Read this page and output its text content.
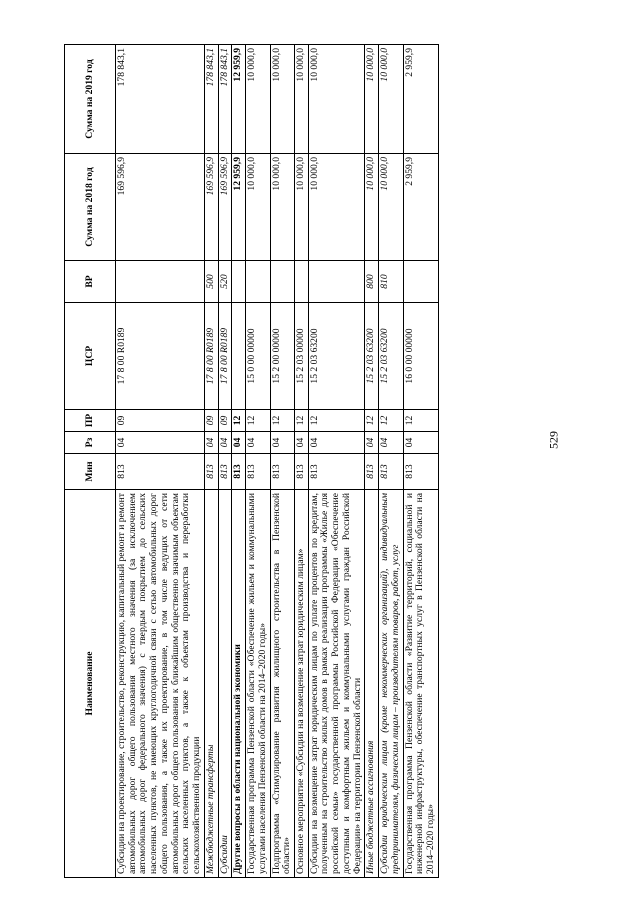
529
Наименование	Мин	Рз	ПР	ЦСР	ВР	Сумма на 2018 год	Сумма на 2019 год
Субсидии на проектирование, строительство, реконструкцию, капитальный ремонт и ремонт автомобильных дорог общего пользования местного значения (за исключением автомобильных дорог федерального значения) с твердым покрытием до сельских населенных пунктов, не имеющих круглогодичной связи с сетью автомобильных дорог общего пользования, а также их проектирование, в том числе ведущих от сети автомобильных дорог общего пользования к ближайшим общественно значимым объектам сельских населенных пунктов, а также к объектам производства и переработки сельскохозяйственной продукции	813	04	09	17 8 00 R0189		169 596,9	178 843,1
Межбюджетные трансферты	813	04	09	17 8 00 R0189	500	169 596,9	178 843,1
Субсидии	813	04	09	17 8 00 R0189	520	169 596,9	178 843,1
Другие вопросы в области национальной экономики	813	04	12			12 959,9	12 959,9
Государственная программа Пензенской области «Обеспечение жильем и коммунальными услугами населения Пензенской области на 2014–2020 годы»	813	04	12	15 0 00 00000		10 000,0	10 000,0
Подпрограмма «Стимулирование развития жилищного строительства в Пензенской области»	813	04	12	15 2 00 00000		10 000,0	10 000,0
Основное мероприятие «Субсидии на возмещение затрат юридическим лицам»	813	04	12	15 2 03 00000		10 000,0	10 000,0
Субсидии на возмещение затрат юридическим лицам по уплате процентов по кредитам, полученным на строительство жилых домов в рамках реализации программы «Жилье для российской семьи» государственной программы Российской Федерации «Обеспечение доступным и комфортным жильем и коммунальными услугами граждан Российской Федерации» на территории Пензенской области	813	04	12	15 2 03 63200		10 000,0	10 000,0
Иные бюджетные ассигнования	813	04	12	15 2 03 63200	800	10 000,0	10 000,0
Субсидии юридическим лицам (кроме некоммерческих организаций), индивидуальным предпринимателям, физическим лицам – производителям товаров, работ, услуг	813	04	12	15 2 03 63200	810	10 000,0	10 000,0
Государственная программа Пензенской области «Развитие территорий, социальной и инженерной инфраструктуры, обеспечение транспортных услуг в Пензенской области на 2014–2020 годы»	813	04	12	16 0 00 00000		2 959,9	2 959,9
